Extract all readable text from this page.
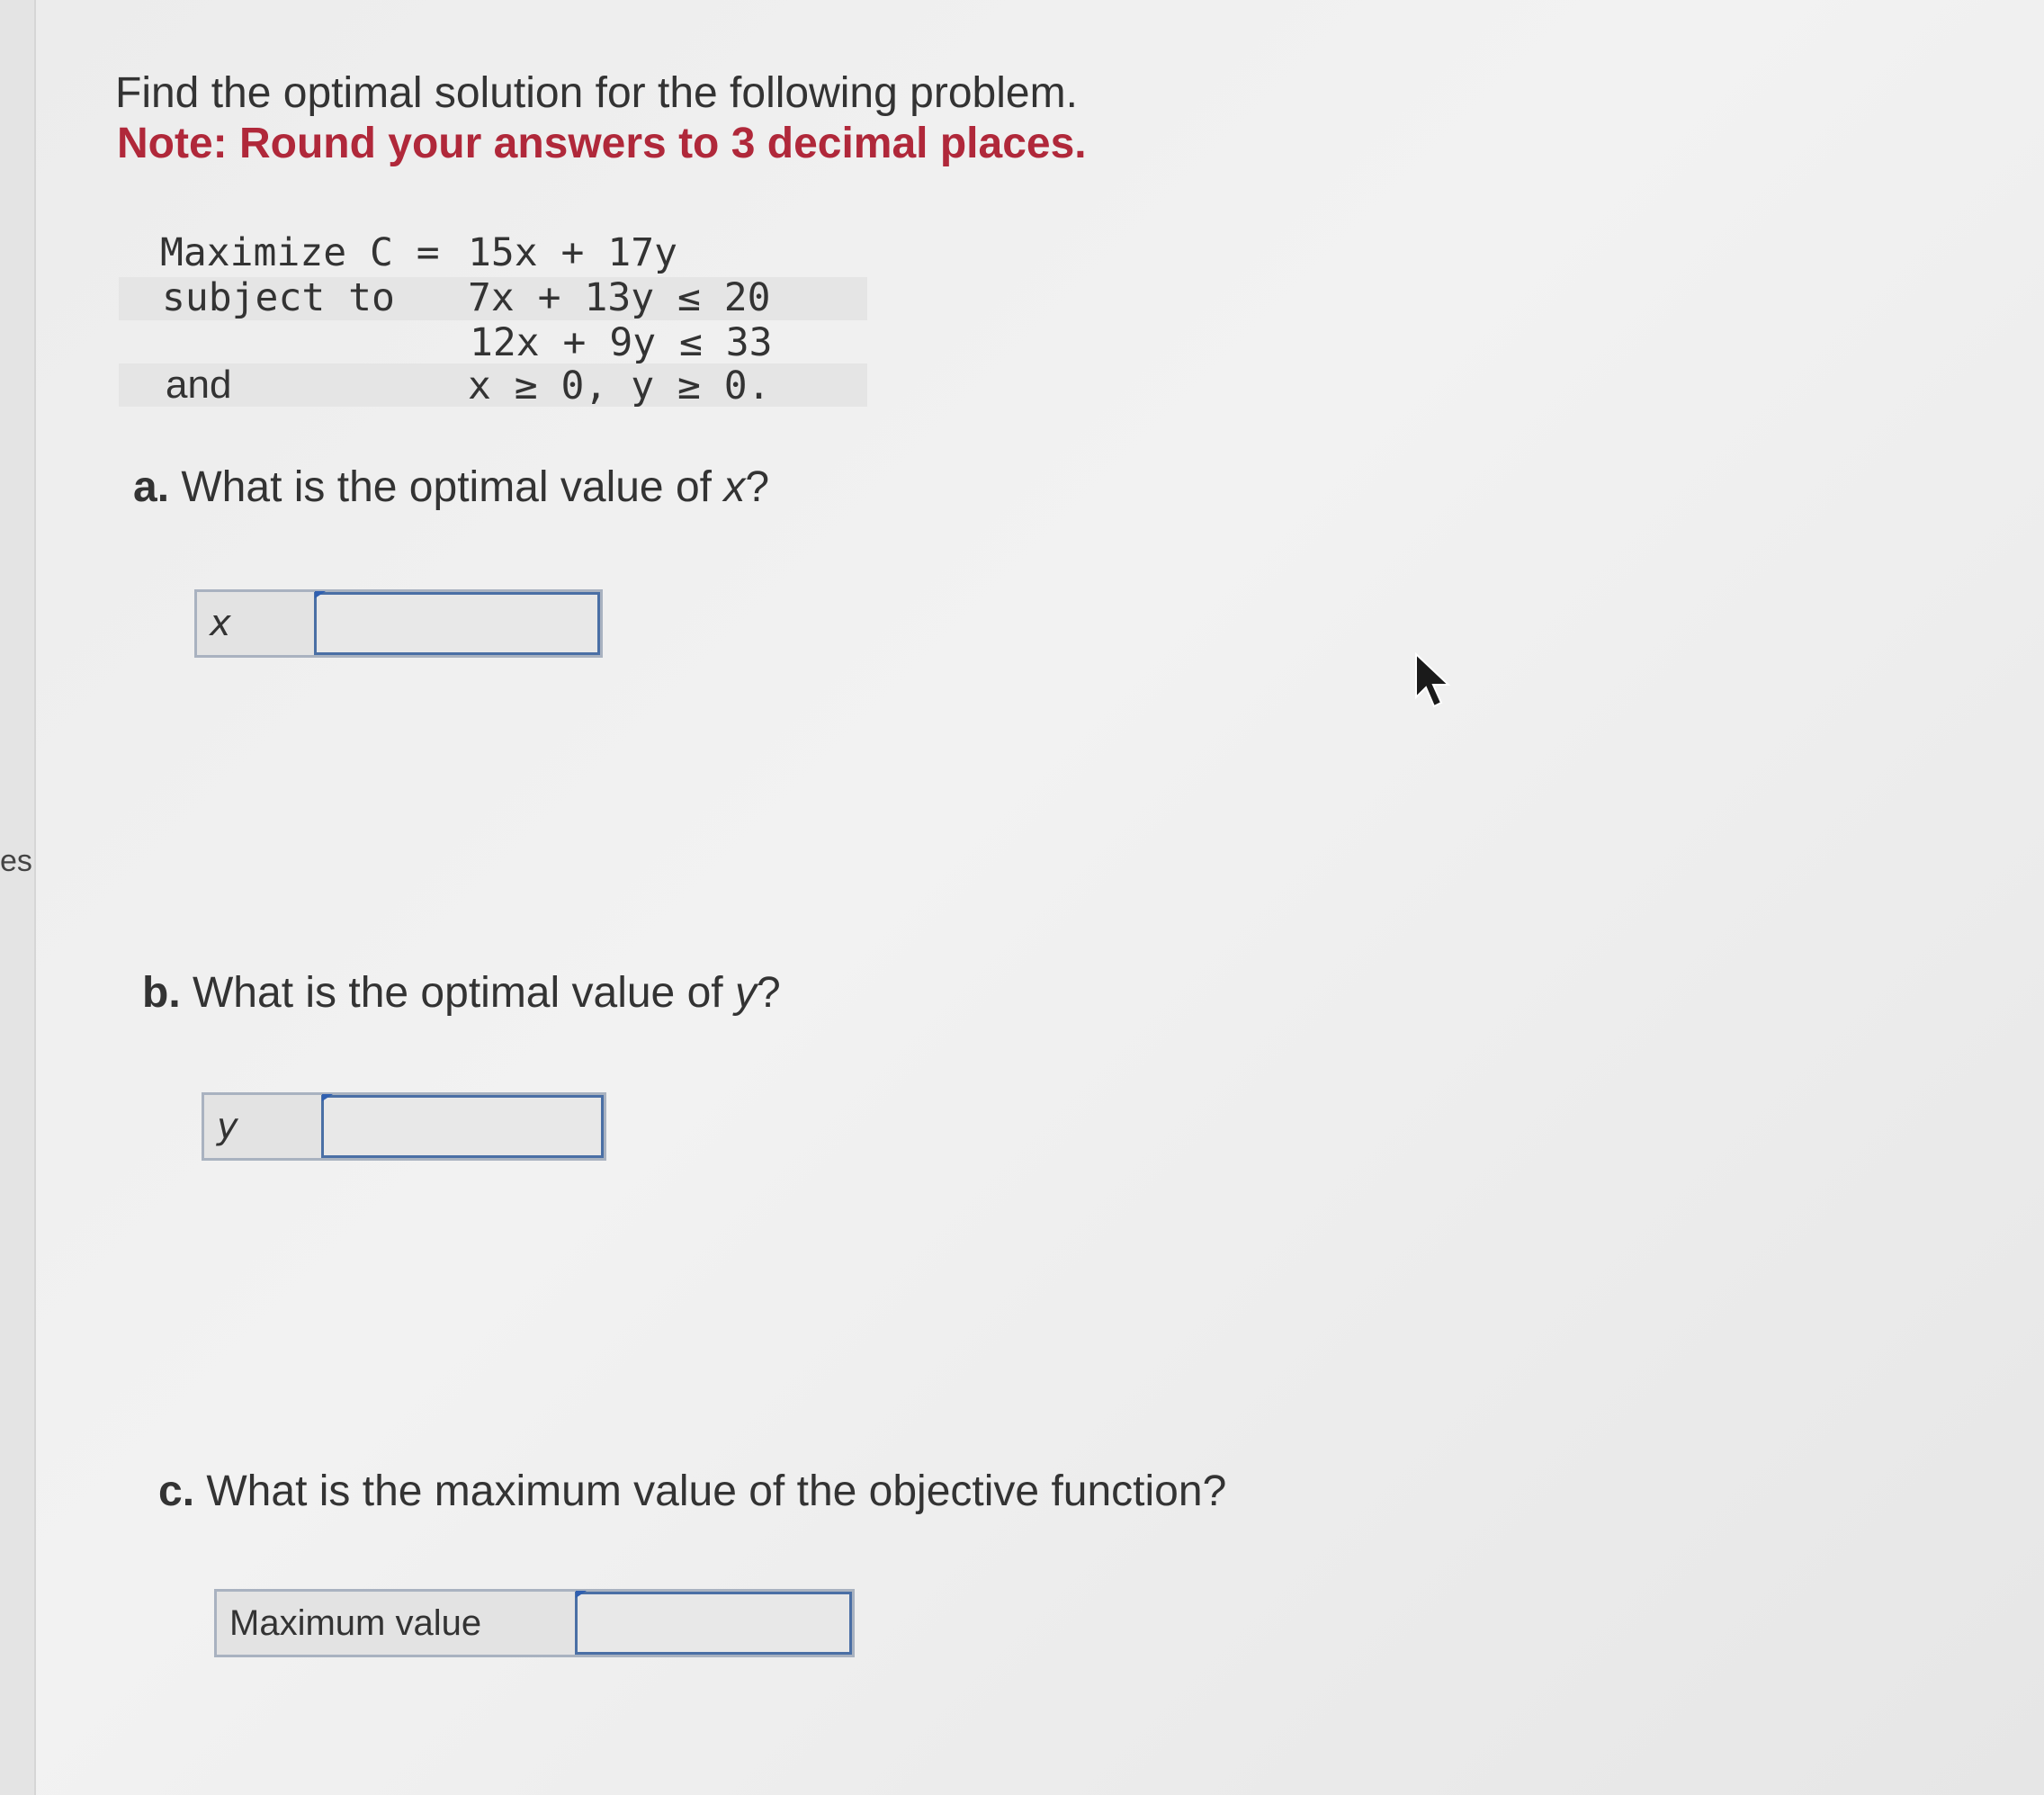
es
Find the optimal solution for the following problem.
Note: Round your answers to 3 decimal places.
Maximize C = 15x + 17y
subject to 7x + 13y ≤ 20
12x + 9y ≤ 33
and	x ≥ 0, y ≥ 0.
a. What is the optimal value of x?
x
b. What is the optimal value of y?
y
c. What is the maximum value of the objective function?
Maximum value
